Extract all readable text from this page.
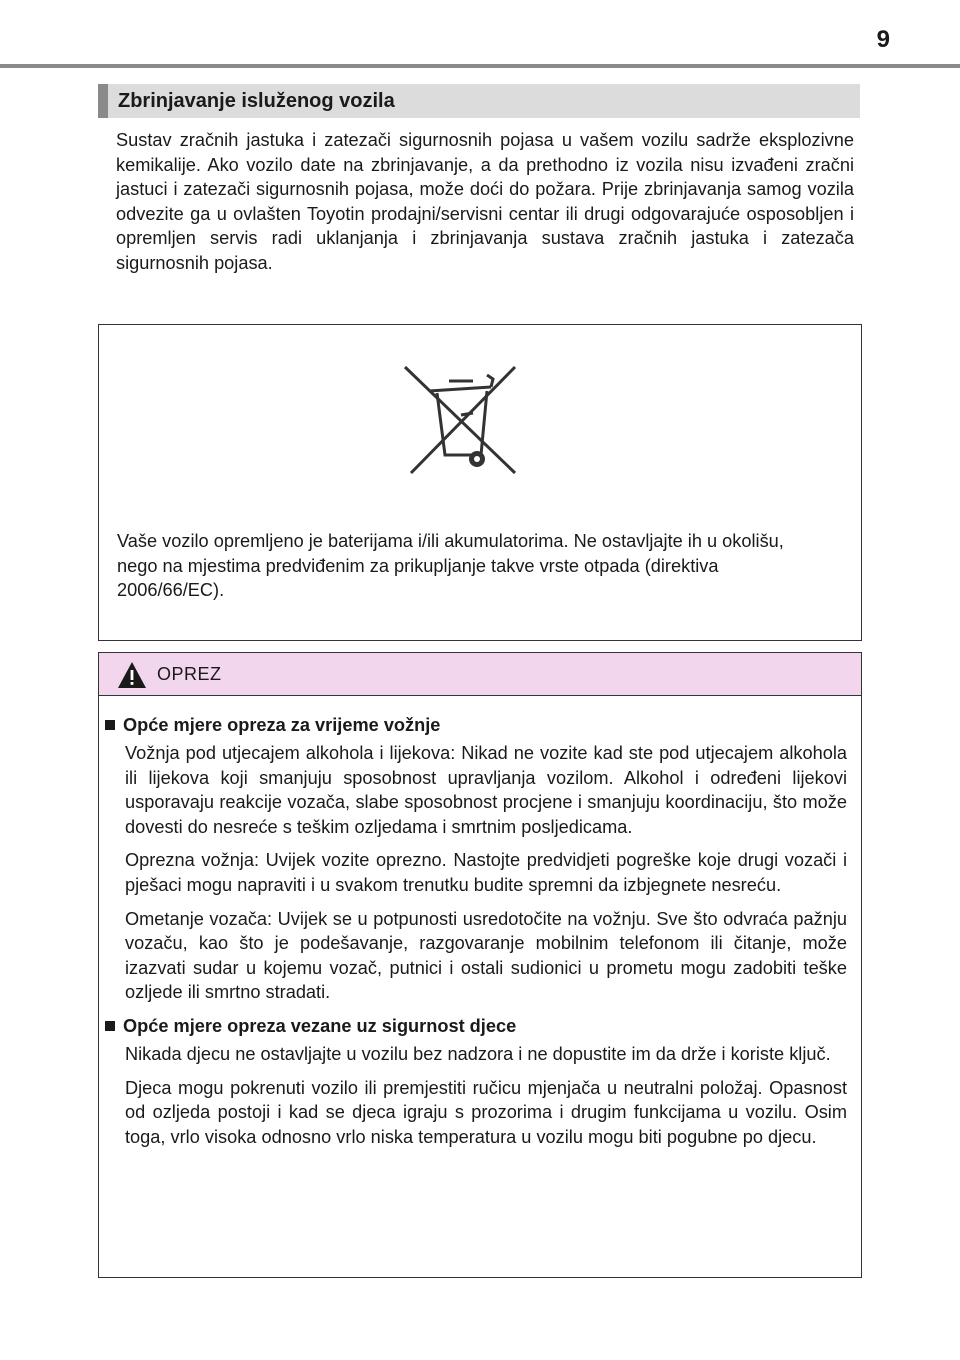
9
Zbrinjavanje isluženog vozila

Sustav zračnih jastuka i zatezači sigurnosnih pojasa u vašem vozilu sadrže eksplozivne kemikalije. Ako vozilo date na zbrinjavanje, a da prethodno iz vozila nisu izvađeni zračni jastuci i zatezači sigurnosnih pojasa, može doći do požara. Prije zbrinjavanja samog vozila odvezite ga u ovlašten Toyotin prodajni/servisni centar ili drugi odgovarajuće osposobljen i opremljen servis radi uklanjanja i zbrinjavanja sustava zračnih jastuka i zatezača sigurnosnih pojasa.

Vaše vozilo opremljeno je baterijama i/ili akumulatorima. Ne ostavljajte ih u okolišu, nego na mjestima predviđenim za prikupljanje takve vrste otpada (direktiva 2006/66/EC).

OPREZ
Opće mjere opreza za vrijeme vožnje

Vožnja pod utjecajem alkohola i lijekova: Nikad ne vozite kad ste pod utjecajem alkohola ili lijekova koji smanjuju sposobnost upravljanja vozilom. Alkohol i određeni lijekovi usporavaju reakcije vozača, slabe sposobnost procjene i smanjuju koordinaciju, što može dovesti do nesreće s teškim ozljedama i smrtnim posljedicama.

Oprezna vožnja: Uvijek vozite oprezno. Nastojte predvidjeti pogreške koje drugi vozači i pješaci mogu napraviti i u svakom trenutku budite spremni da izbjegnete nesreću.

Ometanje vozača: Uvijek se u potpunosti usredotočite na vožnju. Sve što odvraća pažnju vozaču, kao što je podešavanje, razgovaranje mobilnim telefonom ili čitanje, može izazvati sudar u kojemu vozač, putnici i ostali sudionici u prometu mogu zadobiti teške ozljede ili smrtno stradati.

Opće mjere opreza vezane uz sigurnost djece

Nikada djecu ne ostavljajte u vozilu bez nadzora i ne dopustite im da drže i koriste ključ.

Djeca mogu pokrenuti vozilo ili premjestiti ručicu mjenjača u neutralni položaj. Opasnost od ozljeda postoji i kad se djeca igraju s prozorima i drugim funkcijama u vozilu. Osim toga, vrlo visoka odnosno vrlo niska temperatura u vozilu mogu biti pogubne po djecu.
